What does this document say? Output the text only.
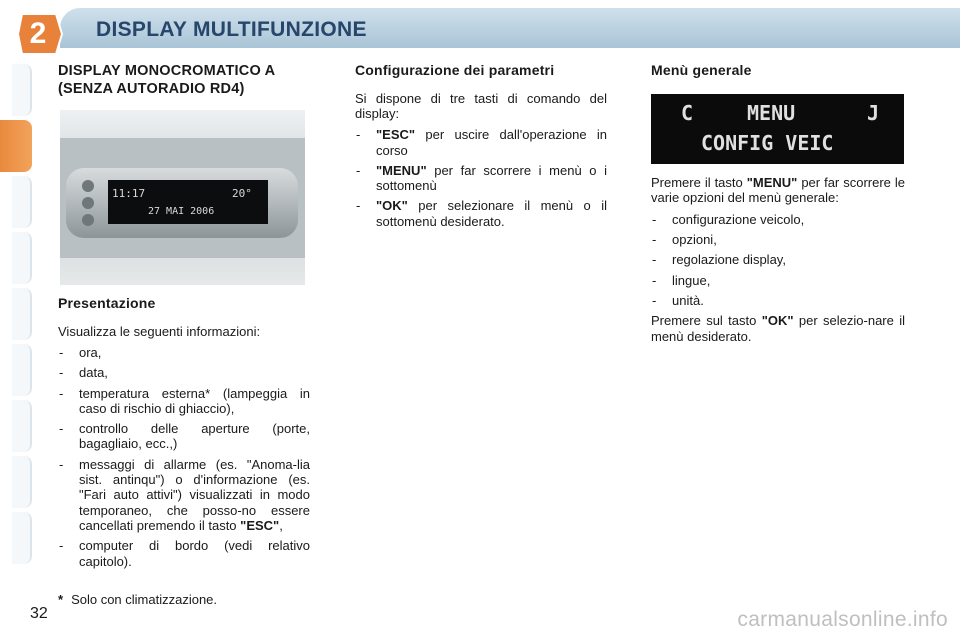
2	DISPLAY MULTIFUNZIONE
DISPLAY MONOCROMATICO A
(SENZA AUTORADIO RD4)
11:17	20°
27 MAI 2006
Presentazione

Visualizza le seguenti informazioni:

- ora,
- data,
- temperatura esterna* (lampeggia in caso di rischio di ghiaccio),
- controllo delle aperture (porte, bagagliaio, ecc.,)
- messaggi di allarme (es. "Anoma-lia sist. antinqu") o d'informazione (es. "Fari auto attivi") visualizzati in modo temporaneo, che posso-no essere cancellati premendo il tasto "ESC",
- computer di bordo (vedi relativo capitolo).
Configurazione dei parametri

Si dispone di tre tasti di comando del display:

- "ESC" per uscire dall'operazione in corso
- "MENU" per far scorrere i menù o i sottomenù
- "OK" per selezionare il menù o il sottomenù desiderato.
Menù generale
C	MENU	J
CONFIG VEIC

Premere il tasto "MENU" per far scorrere le varie opzioni del menù generale:

- configurazione veicolo,
- opzioni,
- regolazione display,
- lingue,
- unità.

Premere sul tasto "OK" per selezio-nare il menù desiderato.

* Solo con climatizzazione.
32	carmanualsonline.info
